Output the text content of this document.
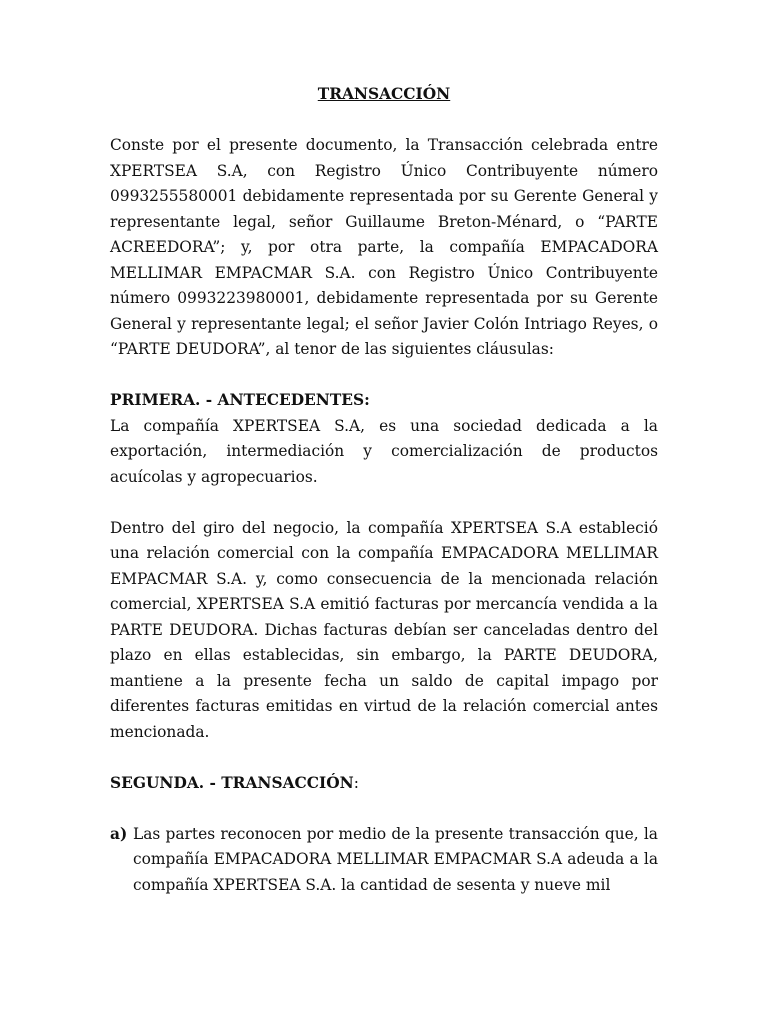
TRANSACCIÓN

Conste por el presente documento, la Transacción celebrada entre XPERTSEA S.A, con Registro Único Contribuyente número 0993255580001 debidamente representada por su Gerente General y representante legal, señor Guillaume Breton-Ménard, o “PARTE ACREEDORA”; y, por otra parte, la compañía EMPACADORA MELLIMAR EMPACMAR S.A. con Registro Único Contribuyente número 0993223980001, debidamente representada por su Gerente General y representante legal; el señor Javier Colón Intriago Reyes, o “PARTE DEUDORA”, al tenor de las siguientes cláusulas:

PRIMERA. - ANTECEDENTES:

La compañía XPERTSEA S.A, es una sociedad dedicada a la exportación, intermediación y comercialización de productos acuícolas y agropecuarios.

Dentro del giro del negocio, la compañía XPERTSEA S.A estableció una relación comercial con la compañía EMPACADORA MELLIMAR EMPACMAR S.A. y, como consecuencia de la mencionada relación comercial, XPERTSEA S.A emitió facturas por mercancía vendida a la PARTE DEUDORA. Dichas facturas debían ser canceladas dentro del plazo en ellas establecidas, sin embargo, la PARTE DEUDORA, mantiene a la presente fecha un saldo de capital impago por diferentes facturas emitidas en virtud de la relación comercial antes mencionada.

SEGUNDA. - TRANSACCIÓN:
a) Las partes reconocen por medio de la presente transacción que, la compañía EMPACADORA MELLIMAR EMPACMAR S.A adeuda a la compañía XPERTSEA S.A. la cantidad de sesenta y nueve mil
